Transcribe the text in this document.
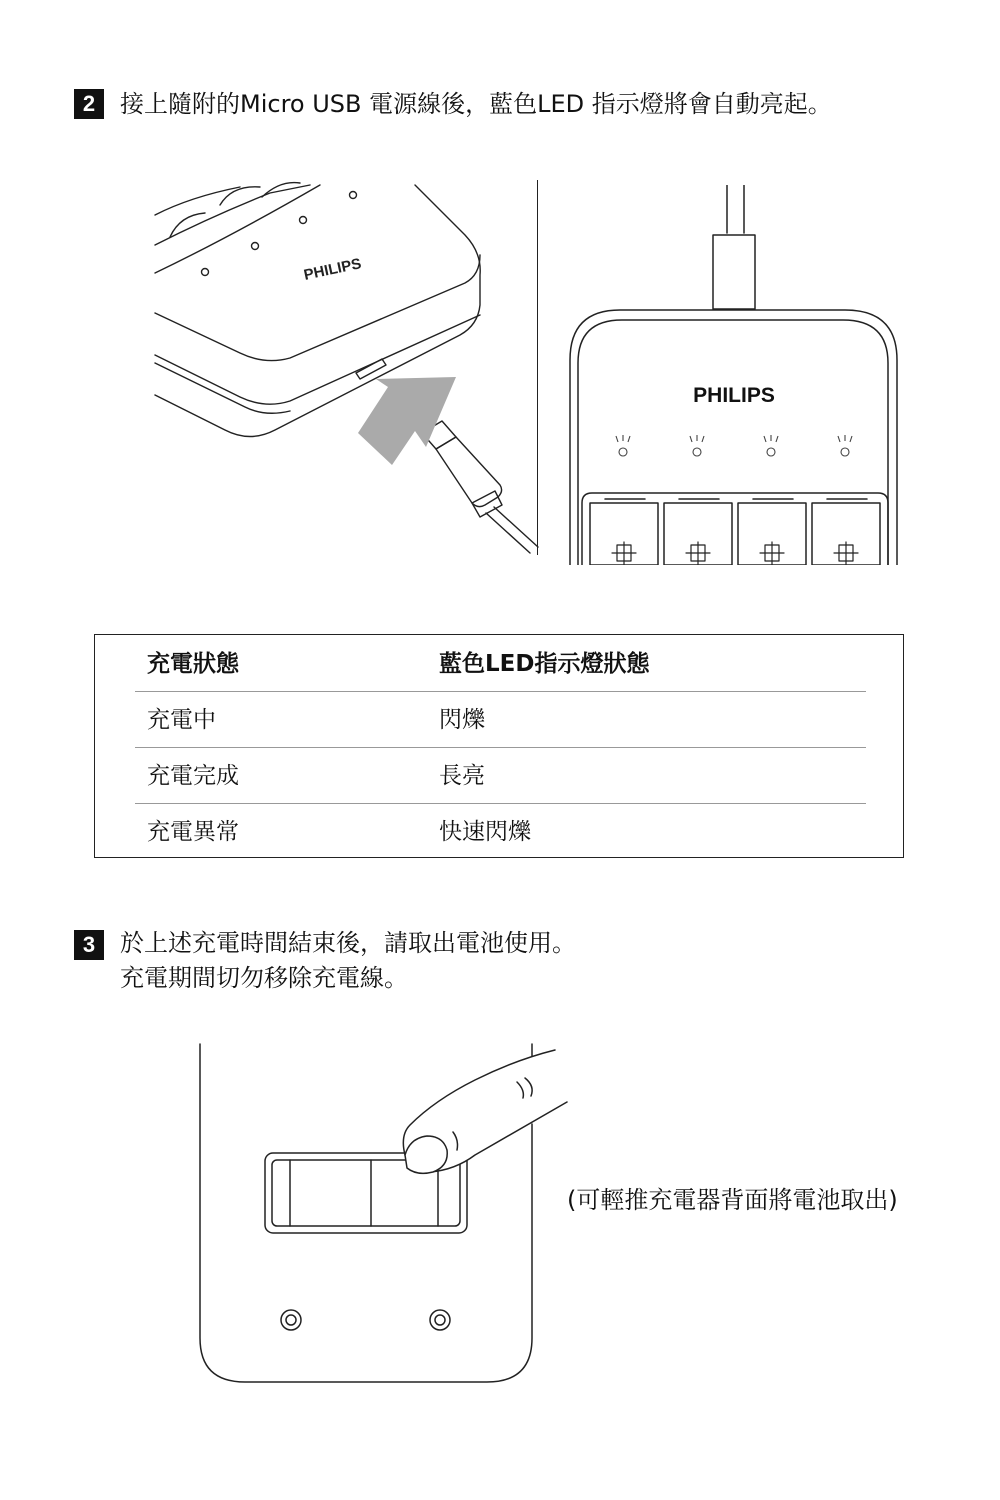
2	接上隨附的Micro USB 電源線後，藍色LED 指示燈將會自動亮起。
PHILIPS
PHILIPS
充電狀態	藍色LED指示燈狀態
充電中	閃爍
充電完成	長亮
充電異常	快速閃爍
3	於上述充電時間結束後，請取出電池使用。
充電期間切勿移除充電線。
(可輕推充電器背面將電池取出)
